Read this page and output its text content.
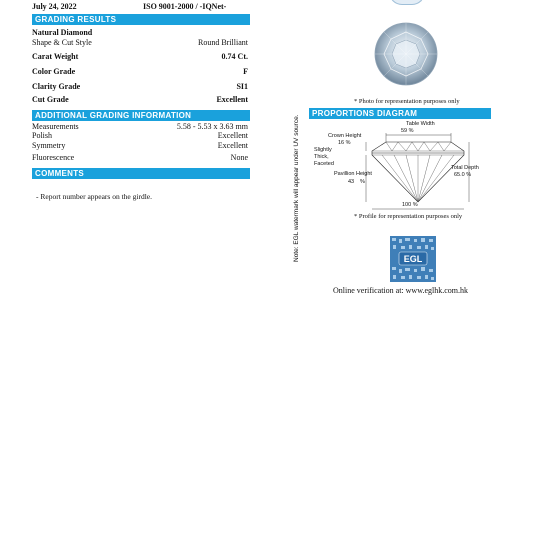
July 24, 2022	ISO 9001-2000 / -IQNet-
GRADING RESULTS
Natural Diamond
Shape & Cut Style	Round Brilliant
Carat Weight	0.74 Ct.
Color Grade	F
Clarity Grade	SI1
Cut Grade	Excellent
ADDITIONAL GRADING INFORMATION
Measurements	5.58 - 5.53 x 3.63 mm
Polish	Excellent
Symmetry	Excellent
Fluorescence	None
COMMENTS
- Report number appears on the girdle.	Note: EGL watermark will appear under UV source.
* Photo for representation purposes only
PROPORTIONS DIAGRAM
Table Width
59 %
Crown Height
16 %
Slightly
Thick,
Faceted
Pavillion Height
43 %
Total Depth
65.0 %
100 %
* Profile for representation purposes only
EGL
Online verification at: www.eglhk.com.hk
